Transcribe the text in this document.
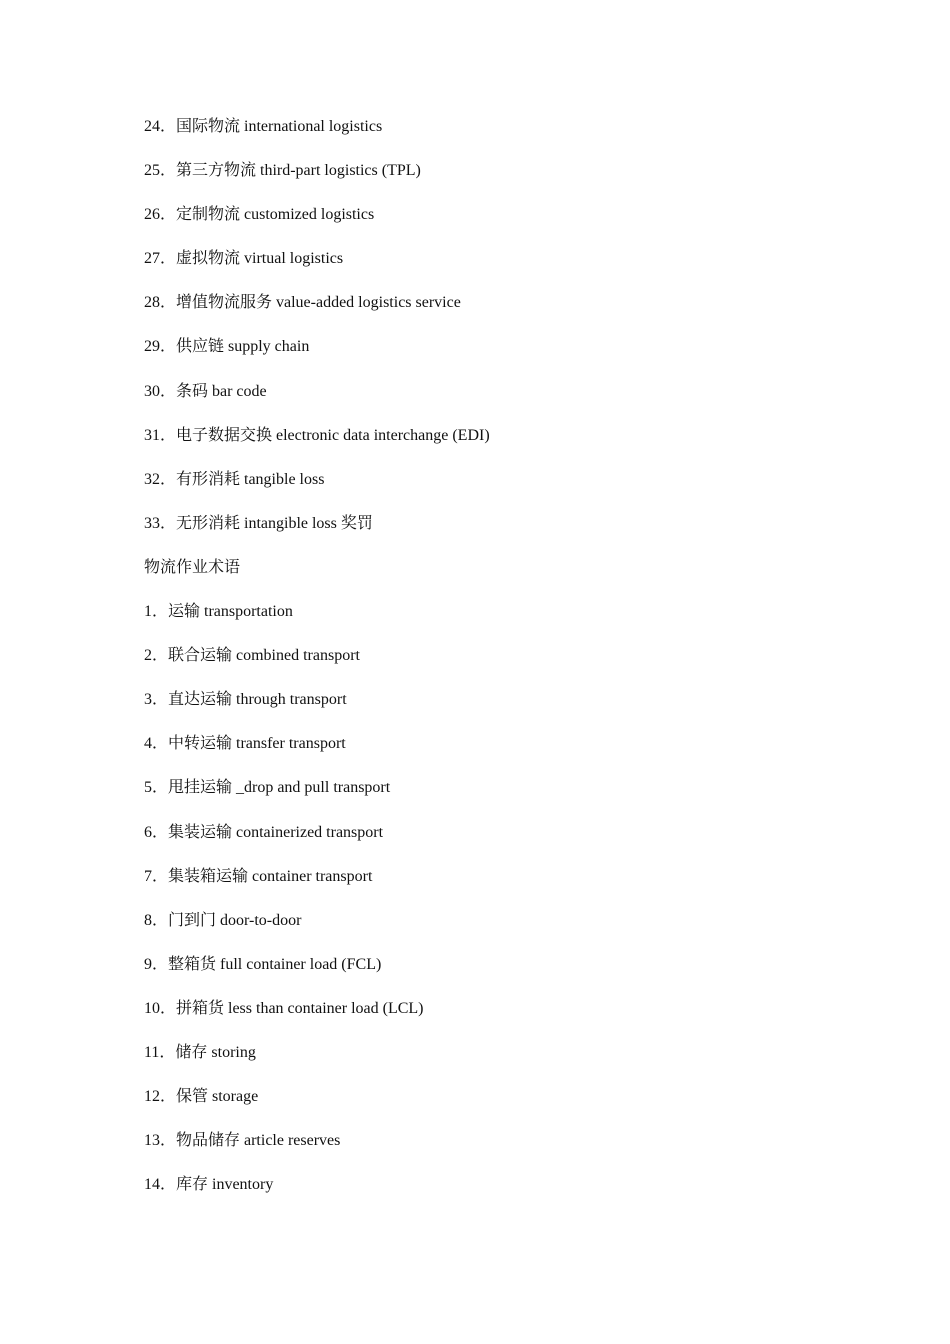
24．国际物流 international logistics
25．第三方物流 third-part logistics (TPL)
26．定制物流 customized logistics
27．虚拟物流 virtual logistics
28．增值物流服务 value-added logistics service
29．供应链 supply chain
30．条码 bar code
31．电子数据交换 electronic data interchange (EDI)
32．有形消耗 tangible loss
33．无形消耗 intangible loss 奖罚
物流作业术语
1．运输 transportation
2．联合运输 combined transport
3．直达运输 through transport
4．中转运输 transfer transport
5．甩挂运输 _drop and pull transport
6．集装运输 containerized transport
7．集装箱运输 container transport
8．门到门 door-to-door
9．整箱货 full container load (FCL)
10．拼箱货 less than container load (LCL)
11．储存 storing
12．保管 storage
13．物品储存 article reserves
14．库存 inventory
